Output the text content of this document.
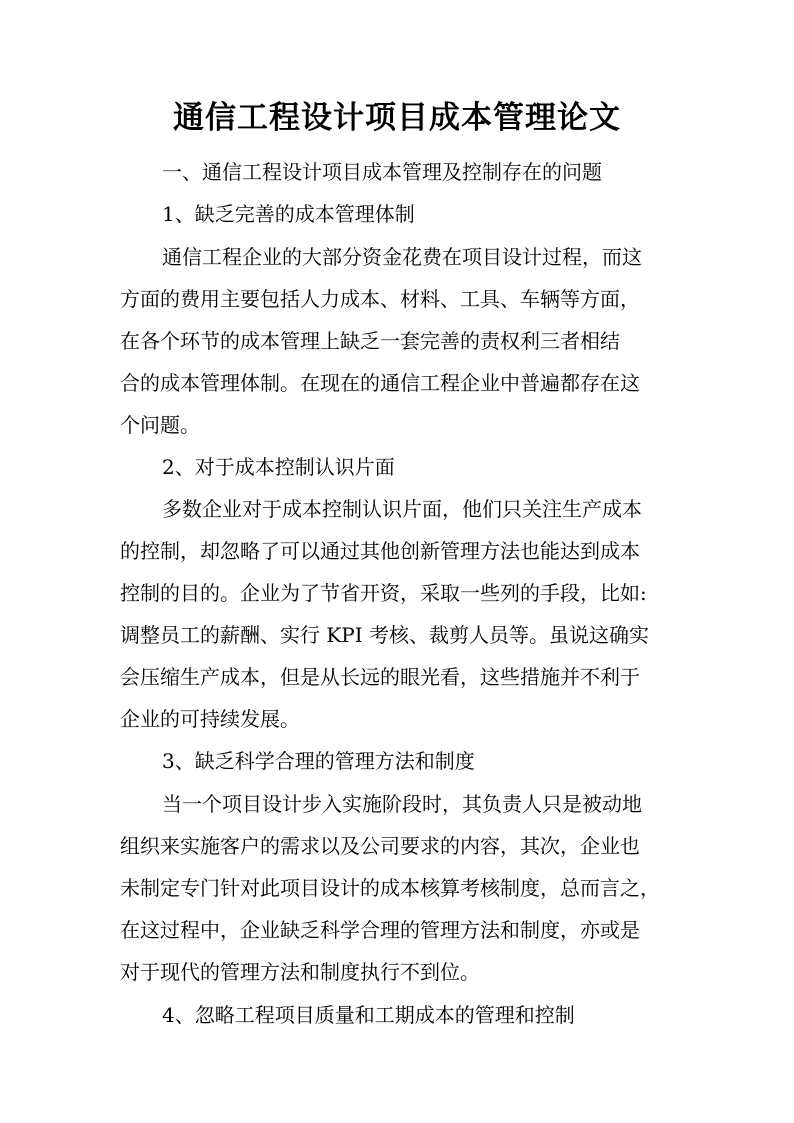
通信工程设计项目成本管理论文

一、通信工程设计项目成本管理及控制存在的问题

1、缺乏完善的成本管理体制

通信工程企业的大部分资金花费在项目设计过程，而这

方面的费用主要包括人力成本、材料、工具、车辆等方面，

在各个环节的成本管理上缺乏一套完善的责权利三者相结

合的成本管理体制。在现在的通信工程企业中普遍都存在这

个问题。

2、对于成本控制认识片面

多数企业对于成本控制认识片面，他们只关注生产成本

的控制，却忽略了可以通过其他创新管理方法也能达到成本

控制的目的。企业为了节省开资，采取一些列的手段，比如:

调整员工的薪酬、实行 KPI 考核、裁剪人员等。虽说这确实

会压缩生产成本，但是从长远的眼光看，这些措施并不利于

企业的可持续发展。

3、缺乏科学合理的管理方法和制度

当一个项目设计步入实施阶段时，其负责人只是被动地

组织来实施客户的需求以及公司要求的内容，其次，企业也

未制定专门针对此项目设计的成本核算考核制度，总而言之，

在这过程中，企业缺乏科学合理的管理方法和制度，亦或是

对于现代的管理方法和制度执行不到位。

4、忽略工程项目质量和工期成本的管理和控制
